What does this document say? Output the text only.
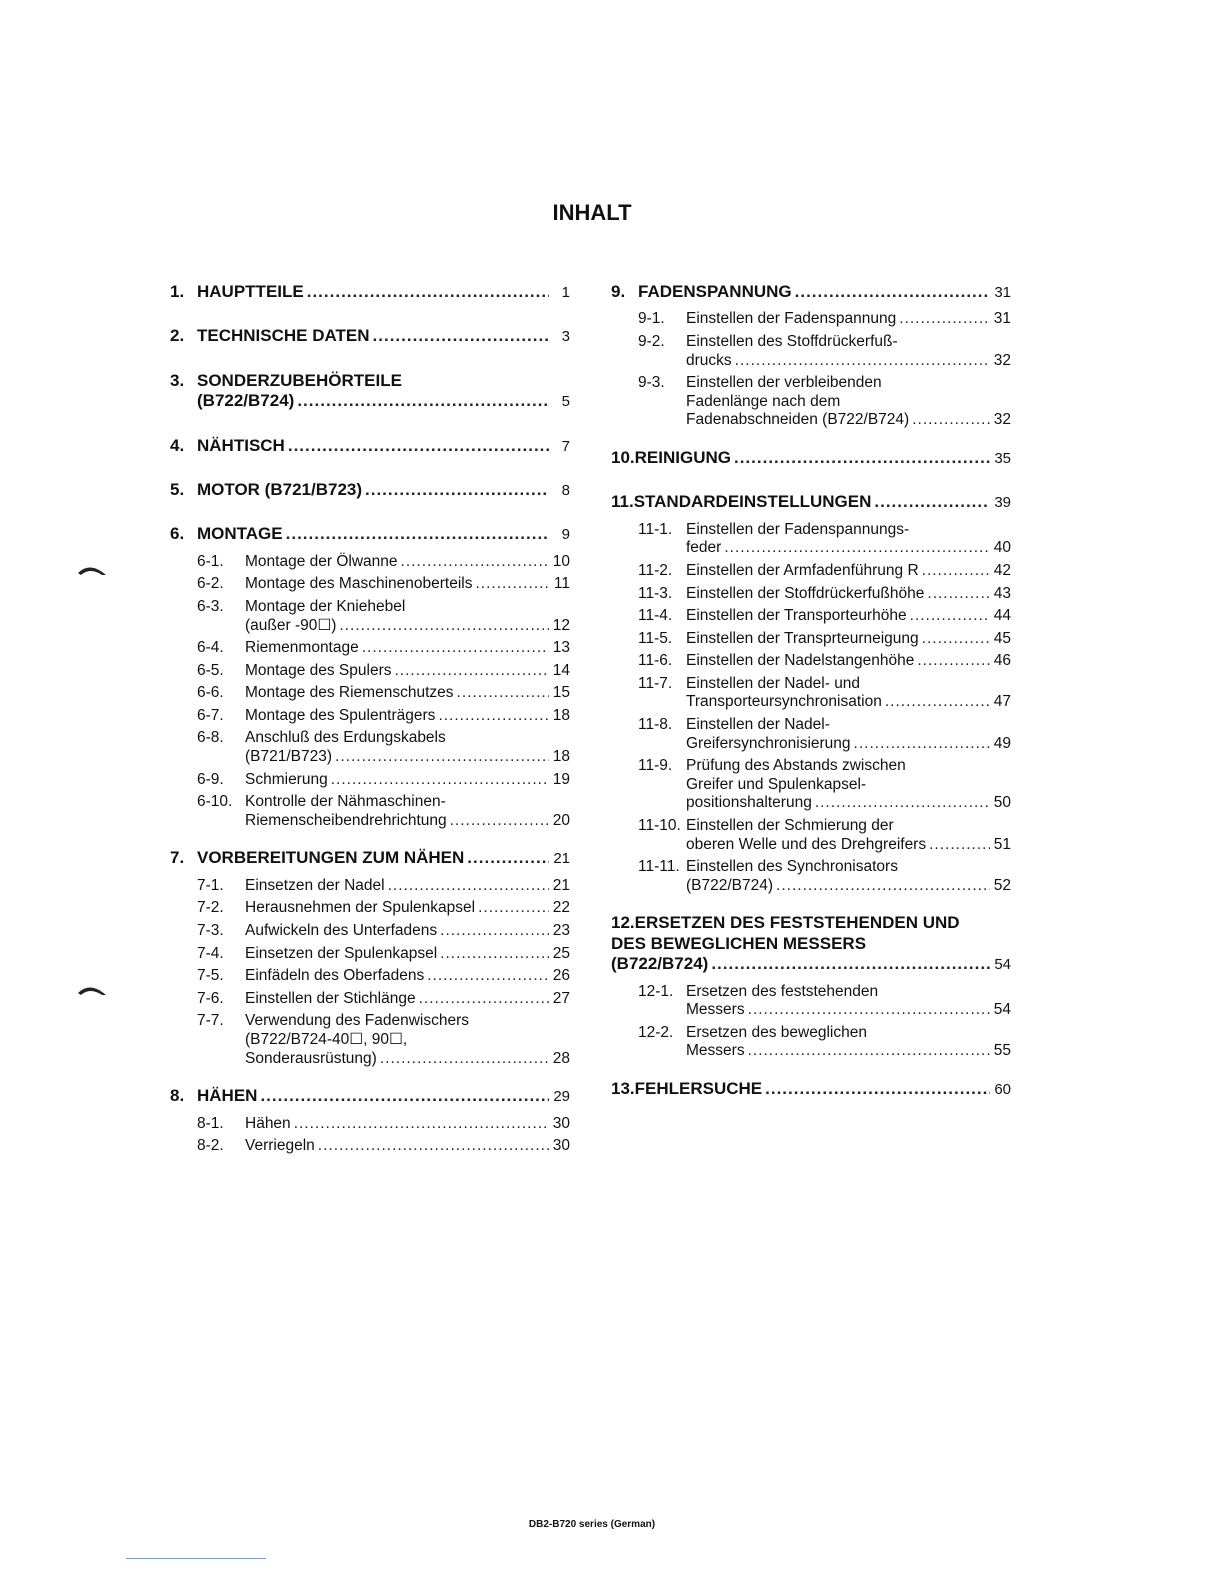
INHALT
1. HAUPTTEILE .....	1
2. TECHNISCHE DATEN .....	3
3. SONDERZUBEHÖRTEILE
(B722/B724) .....	5
4. NÄHTISCH .....	7
5. MOTOR (B721/B723) .....	8
6. MONTAGE .....	9
6-1.	Montage der Ölwanne .....	10
6-2.	Montage des Maschinenoberteils .....	11
6-3.	Montage der Kniehebel
(außer -90☐) .....	12
6-4.	Riemenmontage .....	13
6-5.	Montage des Spulers .....	14
6-6.	Montage des Riemenschutzes .....	15
6-7.	Montage des Spulenträgers .....	18
6-8.	Anschluß des Erdungskabels
(B721/B723) .....	18
6-9.	Schmierung .....	19
6-10. Kontrolle der Nähmaschinen-
Riemenscheibendrehrichtung .....	20
7. VORBEREITUNGEN ZUM NÄHEN .....	21
7-1.	Einsetzen der Nadel .....	21
7-2.	Herausnehmen der Spulenkapsel .....	22
7-3.	Aufwickeln des Unterfadens .....	23
7-4.	Einsetzen der Spulenkapsel .....	25
7-5.	Einfädeln des Oberfadens .....	26
7-6.	Einstellen der Stichlänge .....	27
7-7.	Verwendung des Fadenwischers
(B722/B724-40☐, 90☐,
Sonderausrüstung) .....	28
8. HÄHEN .....	29
8-1.	Hähen .....	30
8-2.	Verriegeln .....	30
9. FADENSPANNUNG .....	31
9-1.	Einstellen der Fadenspannung .....	31
9-2.	Einstellen des Stoffdrückerfuß-
drucks .....	32
9-3.	Einstellen der verbleibenden
Fadenlänge nach dem
Fadenabschneiden (B722/B724) .....	32
10.REINIGUNG .....	35
11.STANDARDEINSTELLUNGEN .....	39
11-1. Einstellen der Fadenspannungs-
feder .....	40
11-2. Einstellen der Armfadenführung R .....	42
11-3. Einstellen der Stoffdrückerfußhöhe .....	43
11-4. Einstellen der Transporteurhöhe .....	44
11-5. Einstellen der Transprteurneigung .....	45
11-6. Einstellen der Nadelstangenhöhe .....	46
11-7. Einstellen der Nadel- und
Transporteursynchronisation .....	47
11-8. Einstellen der Nadel-
Greifersynchronisierung .....	49
11-9. Prüfung des Abstands zwischen
Greifer und Spulenkapsel-
positionshalterung .....	50
11-10. Einstellen der Schmierung der
oberen Welle und des Drehgreifers .....	51
11-11. Einstellen des Synchronisators
(B722/B724) .....	52
12.ERSETZEN DES FESTSTEHENDEN UND
DES BEWEGLICHEN MESSERS
(B722/B724) .....	54
12-1. Ersetzen des feststehenden
Messers .....	54
12-2. Ersetzen des beweglichen
Messers .....	55
13.FEHLERSUCHE .....	60
DB2-B720 series (German)
